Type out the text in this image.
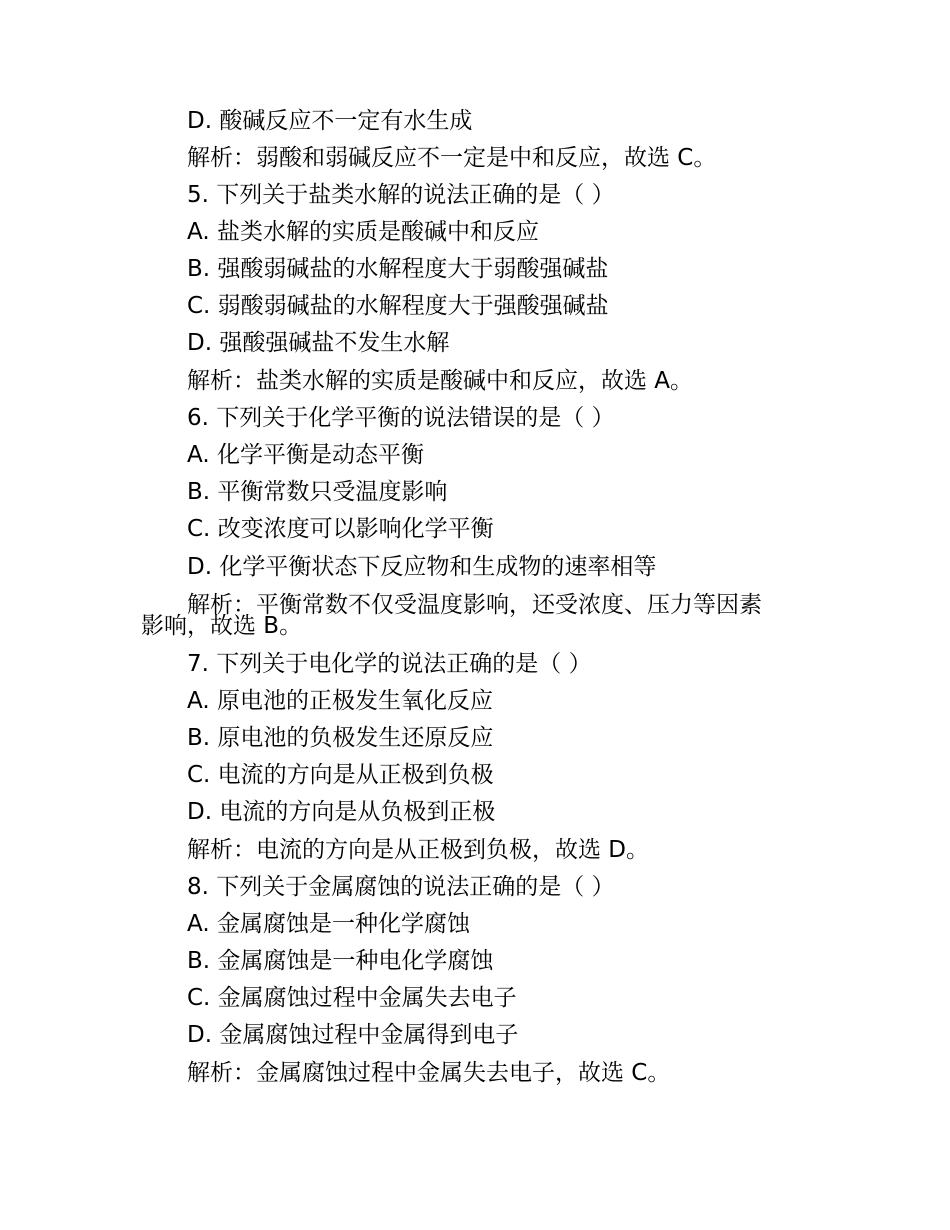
D. 酸碱反应不一定有水生成
解析：弱酸和弱碱反应不一定是中和反应，故选 C。
5. 下列关于盐类水解的说法正确的是（ ）
A. 盐类水解的实质是酸碱中和反应
B. 强酸弱碱盐的水解程度大于弱酸强碱盐
C. 弱酸弱碱盐的水解程度大于强酸强碱盐
D. 强酸强碱盐不发生水解
解析：盐类水解的实质是酸碱中和反应，故选 A。
6. 下列关于化学平衡的说法错误的是（ ）
A. 化学平衡是动态平衡
B. 平衡常数只受温度影响
C. 改变浓度可以影响化学平衡
D. 化学平衡状态下反应物和生成物的速率相等
解析：平衡常数不仅受温度影响，还受浓度、压力等因素
影响，故选 B。
7. 下列关于电化学的说法正确的是（ ）
A. 原电池的正极发生氧化反应
B. 原电池的负极发生还原反应
C. 电流的方向是从正极到负极
D. 电流的方向是从负极到正极
解析：电流的方向是从正极到负极，故选 D。
8. 下列关于金属腐蚀的说法正确的是（ ）
A. 金属腐蚀是一种化学腐蚀
B. 金属腐蚀是一种电化学腐蚀
C. 金属腐蚀过程中金属失去电子
D. 金属腐蚀过程中金属得到电子
解析：金属腐蚀过程中金属失去电子，故选 C。
